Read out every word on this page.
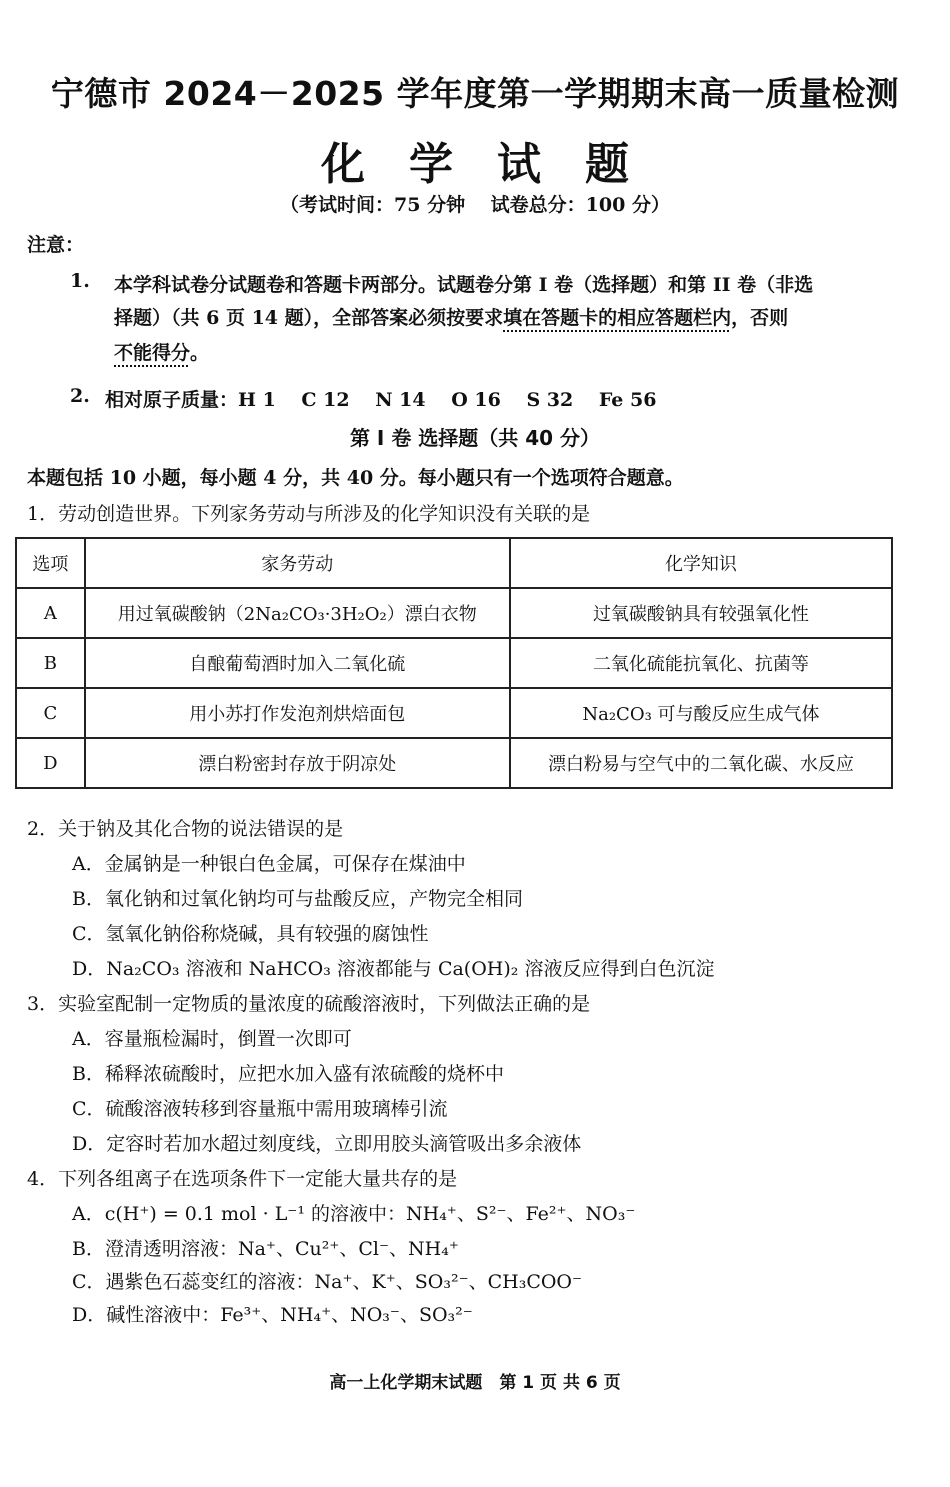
宁德市 2024－2025 学年度第一学期期末高一质量检测
化学试题
（考试时间：75 分钟　 试卷总分：100 分）
注意：
1. 本学科试卷分试题卷和答题卡两部分。试题卷分第 I 卷（选择题）和第 II 卷（非选
择题）（共 6 页 14 题），全部答案必须按要求填在答题卡的相应答题栏内，否则
不能得分。
2. 相对原子质量：H 1　 C 12　 N 14　 O 16　 S 32　 Fe 56
第 I 卷 选择题（共 40 分）
本题包括 10 小题，每小题 4 分，共 40 分。每小题只有一个选项符合题意。
1．劳动创造世界。下列家务劳动与所涉及的化学知识没有关联的是
选项	家务劳动	化学知识
A	用过氧碳酸钠（2Na₂CO₃·3H₂O₂）漂白衣物	过氧碳酸钠具有较强氧化性
B	自酿葡萄酒时加入二氧化硫	二氧化硫能抗氧化、抗菌等
C	用小苏打作发泡剂烘焙面包	Na₂CO₃ 可与酸反应生成气体
D	漂白粉密封存放于阴凉处	漂白粉易与空气中的二氧化碳、水反应
2．关于钠及其化合物的说法错误的是
A．金属钠是一种银白色金属，可保存在煤油中
B．氧化钠和过氧化钠均可与盐酸反应，产物完全相同
C．氢氧化钠俗称烧碱，具有较强的腐蚀性
D．Na₂CO₃ 溶液和 NaHCO₃ 溶液都能与 Ca(OH)₂ 溶液反应得到白色沉淀
3．实验室配制一定物质的量浓度的硫酸溶液时，下列做法正确的是
A．容量瓶检漏时，倒置一次即可
B．稀释浓硫酸时，应把水加入盛有浓硫酸的烧杯中
C．硫酸溶液转移到容量瓶中需用玻璃棒引流
D．定容时若加水超过刻度线，立即用胶头滴管吸出多余液体
4．下列各组离子在选项条件下一定能大量共存的是
A．c(H⁺) = 0.1 mol · L⁻¹ 的溶液中：NH₄⁺、S²⁻、Fe²⁺、NO₃⁻
B．澄清透明溶液：Na⁺、Cu²⁺、Cl⁻、NH₄⁺
C．遇紫色石蕊变红的溶液：Na⁺、K⁺、SO₃²⁻、CH₃COO⁻
D．碱性溶液中：Fe³⁺、NH₄⁺、NO₃⁻、SO₃²⁻
高一上化学期末试题　第 1 页 共 6 页
